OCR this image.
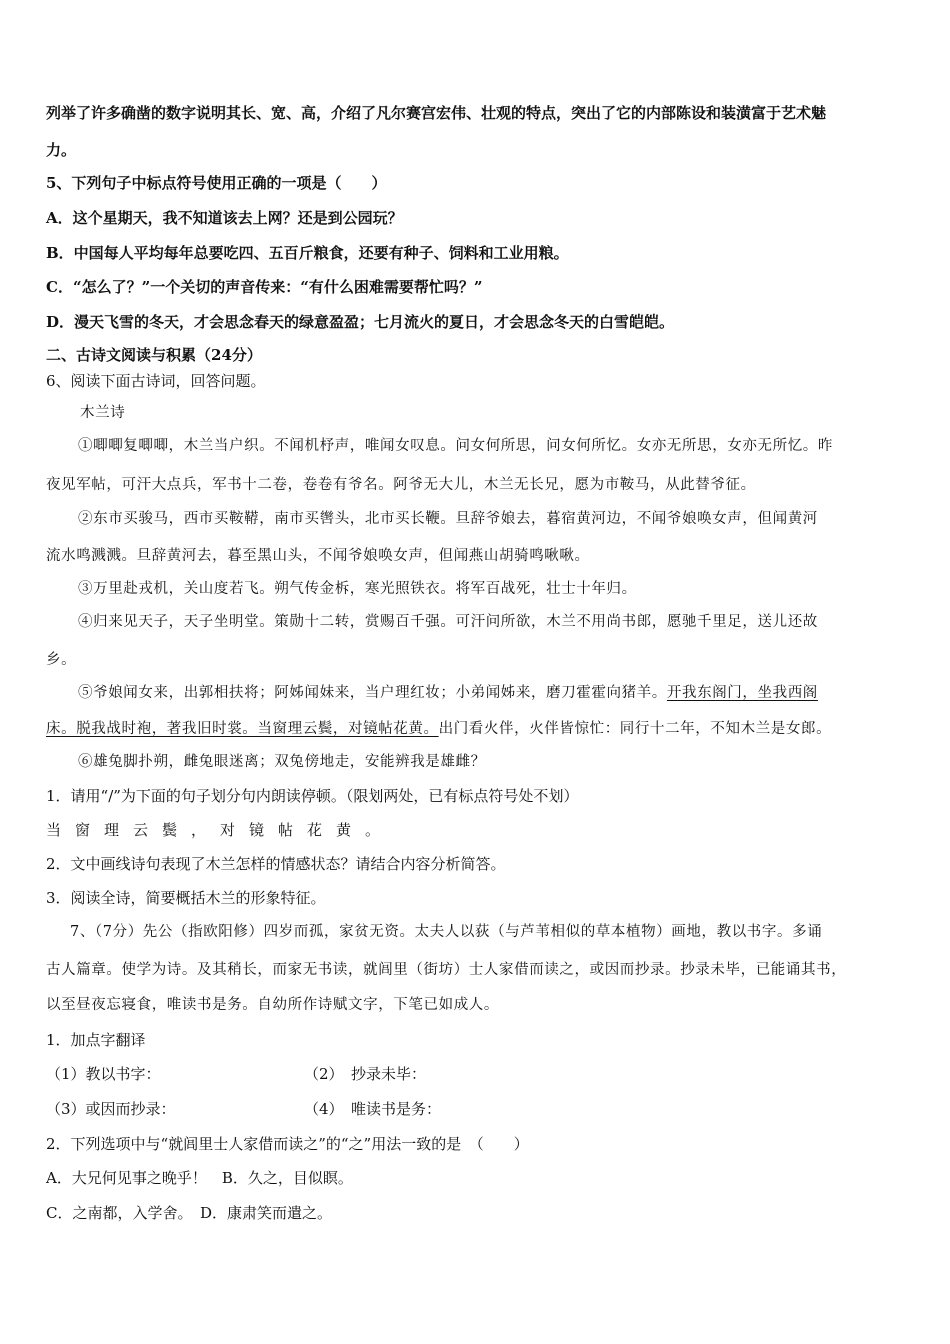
列举了许多确凿的数字说明其长、宽、高，介绍了凡尔赛宫宏伟、壮观的特点，突出了它的内部陈设和装潢富于艺术魅
力。
5、下列句子中标点符号使用正确的一项是（　　）
A．这个星期天，我不知道该去上网？还是到公园玩？
B．中国每人平均每年总要吃四、五百斤粮食，还要有种子、饲料和工业用粮。
C．“怎么了？”一个关切的声音传来：“有什么困难需要帮忙吗？”
D．漫天飞雪的冬天，才会思念春天的绿意盈盈；七月流火的夏日，才会思念冬天的白雪皑皑。
二、古诗文阅读与积累（24分）
6、阅读下面古诗词，回答问题。
木兰诗
①唧唧复唧唧，木兰当户织。不闻机杼声，唯闻女叹息。问女何所思，问女何所忆。女亦无所思，女亦无所忆。昨
夜见军帖，可汗大点兵，军书十二卷，卷卷有爷名。阿爷无大儿，木兰无长兄，愿为市鞍马，从此替爷征。
②东市买骏马，西市买鞍鞯，南市买辔头，北市买长鞭。旦辞爷娘去，暮宿黄河边，不闻爷娘唤女声，但闻黄河
流水鸣溅溅。旦辞黄河去，暮至黑山头，不闻爷娘唤女声，但闻燕山胡骑鸣啾啾。
③万里赴戎机，关山度若飞。朔气传金柝，寒光照铁衣。将军百战死，壮士十年归。
④归来见天子，天子坐明堂。策勋十二转，赏赐百千强。可汗问所欲，木兰不用尚书郎，愿驰千里足，送儿还故
乡。
⑤爷娘闻女来，出郭相扶将；阿姊闻妹来，当户理红妆；小弟闻姊来，磨刀霍霍向猪羊。开我东阁门，坐我西阁
床。脱我战时袍，著我旧时裳。当窗理云鬓，对镜帖花黄。出门看火伴，火伴皆惊忙：同行十二年，不知木兰是女郎。
⑥雄兔脚扑朔，雌兔眼迷离；双兔傍地走，安能辨我是雄雌？
1．请用“/”为下面的句子划分句内朗读停顿。（限划两处，已有标点符号处不划）
当窗理云鬓，对镜帖花黄。
2．文中画线诗句表现了木兰怎样的情感状态？请结合内容分析简答。
3．阅读全诗，简要概括木兰的形象特征。
7、（7分）先公（指欧阳修）四岁而孤，家贫无资。太夫人以荻（与芦苇相似的草本植物）画地，教以书字。多诵
古人篇章。使学为诗。及其稍长，而家无书读，就闾里（街坊）士人家借而读之，或因而抄录。抄录未毕，已能诵其书，
以至昼夜忘寝食，唯读书是务。自幼所作诗赋文字，下笔已如成人。
1．加点字翻译
（1）教以书字：	（2）　抄录未毕：
（3）或因而抄录：	（4）　唯读书是务：
2．下列选项中与“就闾里士人家借而读之”的“之”用法一致的是　（　　）
A．大兄何见事之晚乎！　B．久之，目似瞑。
C．之南都，入学舍。　D．康肃笑而遣之。
